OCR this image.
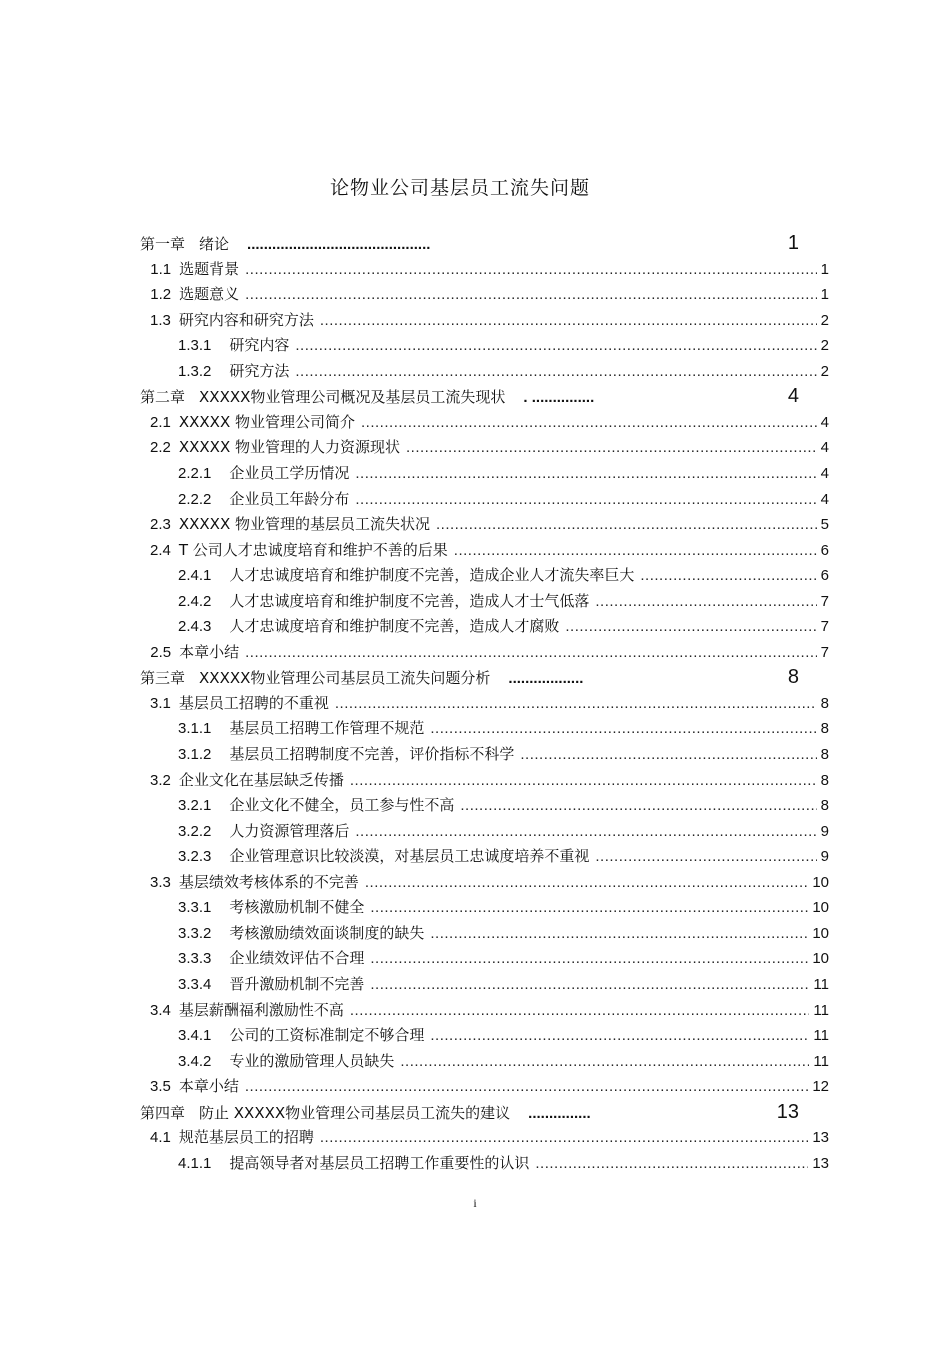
论物业公司基层员工流失问题
第一章 绪论 ............................................	1
1.1 选题背景 .....	1
1.2 选题意义 .....	1
1.3 研究内容和研究方法 .....	2
1.3.1 研究内容 .....	2
1.3.2 研究方法 .....	2
第二章 XXXXX物业管理公司概况及基层员工流失现状 . ...............	4
2.1 XXXXX 物业管理公司简介 .....	4
2.2 XXXXX 物业管理的人力资源现状 .....	4
2.2.1 企业员工学历情况 .....	4
2.2.2 企业员工年龄分布 .....	4
2.3 XXXXX 物业管理的基层员工流失状况 .....	5
2.4 T 公司人才忠诚度培育和维护不善的后果 .....	6
2.4.1 人才忠诚度培育和维护制度不完善，造成企业人才流失率巨大 .....	6
2.4.2 人才忠诚度培育和维护制度不完善，造成人才士气低落 .....	7
2.4.3 人才忠诚度培育和维护制度不完善，造成人才腐败 .....	7
2.5 本章小结 .....	7
第三章 XXXXX物业管理公司基层员工流失问题分析 ..................	8
3.1 基层员工招聘的不重视 .....	8
3.1.1 基层员工招聘工作管理不规范 .....	8
3.1.2 基层员工招聘制度不完善，评价指标不科学 .....	8
3.2 企业文化在基层缺乏传播 .....	8
3.2.1 企业文化不健全，员工参与性不高 .....	8
3.2.2 人力资源管理落后 .....	9
3.2.3 企业管理意识比较淡漠，对基层员工忠诚度培养不重视 .....	9
3.3 基层绩效考核体系的不完善 .....	10
3.3.1 考核激励机制不健全 .....	10
3.3.2 考核激励绩效面谈制度的缺失 .....	10
3.3.3 企业绩效评估不合理 .....	10
3.3.4 晋升激励机制不完善 .....	11
3.4 基层薪酬福利激励性不高 .....	11
3.4.1 公司的工资标准制定不够合理 .....	11
3.4.2 专业的激励管理人员缺失 .....	11
3.5 本章小结 .....	12
第四章 防止 XXXXX物业管理公司基层员工流失的建议 ...............	13
4.1 规范基层员工的招聘 .....	13
4.1.1 提高领导者对基层员工招聘工作重要性的认识 .....	13
i
